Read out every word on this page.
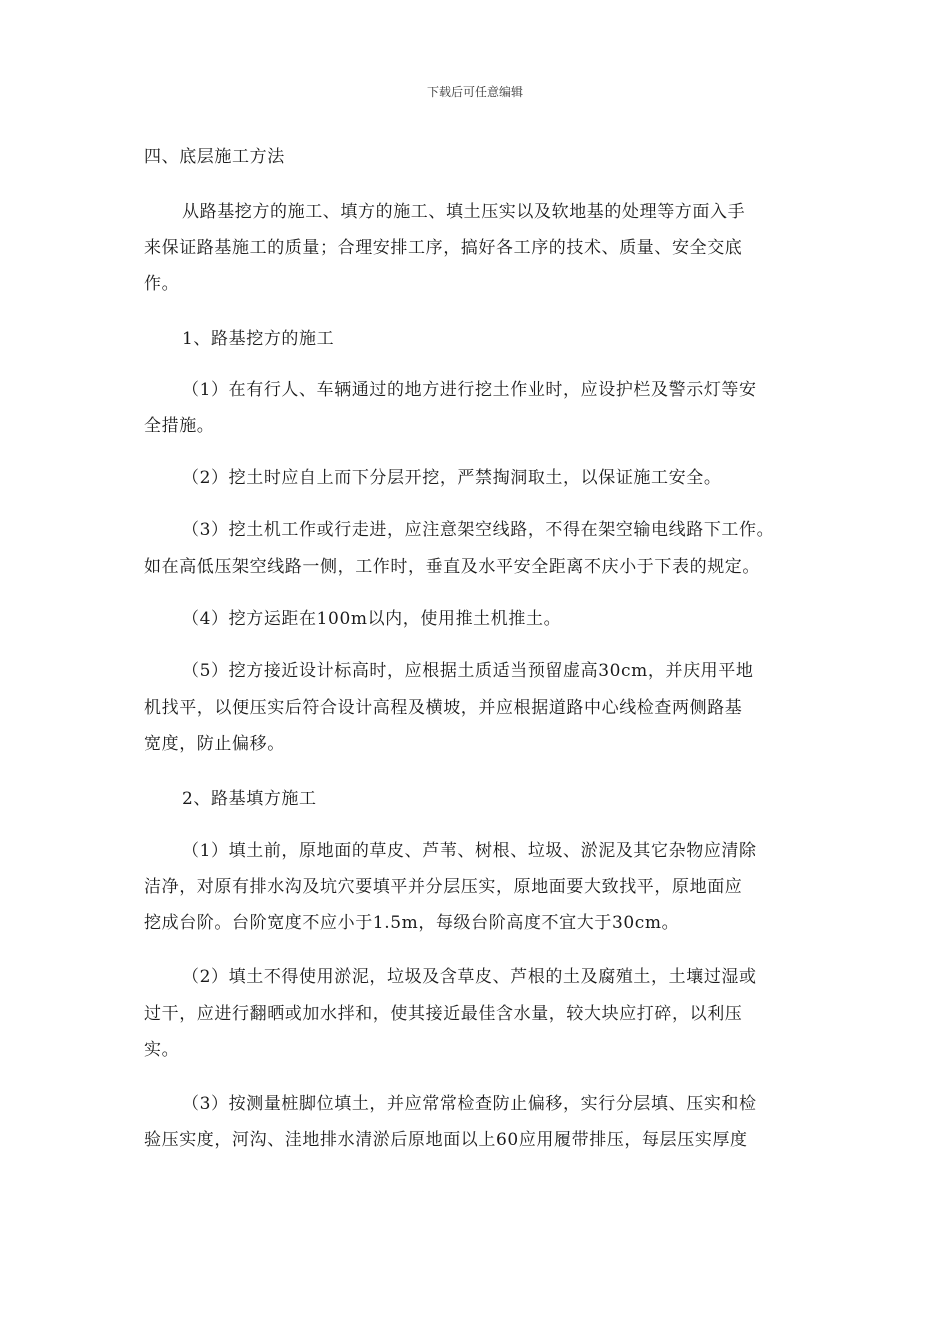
下载后可任意编辑
四、底层施工方法
从路基挖方的施工、填方的施工、填土压实以及软地基的处理等方面入手
来保证路基施工的质量；合理安排工序，搞好各工序的技术、质量、安全交底
作。
1、路基挖方的施工
（1）在有行人、车辆通过的地方进行挖土作业时，应设护栏及警示灯等安
全措施。
（2）挖土时应自上而下分层开挖，严禁掏洞取土，以保证施工安全。
（3）挖土机工作或行走进，应注意架空线路，不得在架空输电线路下工作。
如在高低压架空线路一侧，工作时，垂直及水平安全距离不庆小于下表的规定。
（4）挖方运距在100m以内，使用推土机推土。
（5）挖方接近设计标高时，应根据土质适当预留虚高30cm，并庆用平地
机找平，以便压实后符合设计高程及横坡，并应根据道路中心线检查两侧路基
宽度，防止偏移。
2、路基填方施工
（1）填土前，原地面的草皮、芦苇、树根、垃圾、淤泥及其它杂物应清除
洁净，对原有排水沟及坑穴要填平并分层压实，原地面要大致找平，原地面应
挖成台阶。台阶宽度不应小于1.5m，每级台阶高度不宜大于30cm。
（2）填土不得使用淤泥，垃圾及含草皮、芦根的土及腐殖土，土壤过湿或
过干，应进行翻晒或加水拌和，使其接近最佳含水量，较大块应打碎，以利压
实。
（3）按测量桩脚位填土，并应常常检查防止偏移，实行分层填、压实和检
验压实度，河沟、洼地排水清淤后原地面以上60应用履带排压，每层压实厚度
